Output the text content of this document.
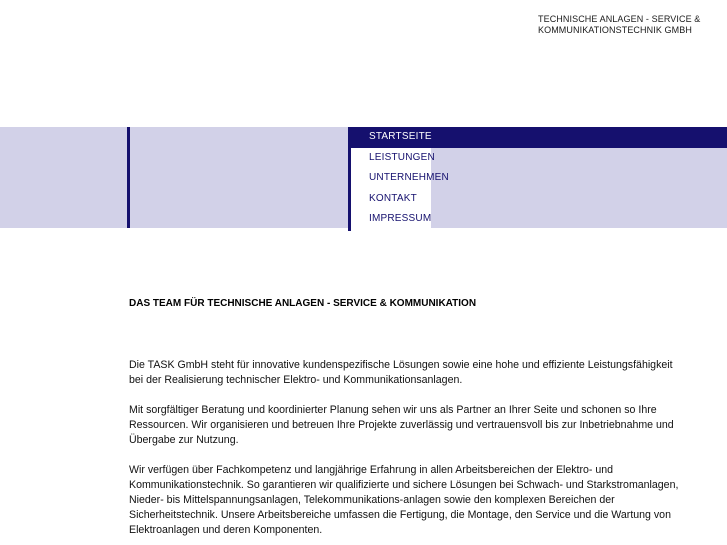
TECHNISCHE ANLAGEN - SERVICE &
KOMMUNIKATIONSTECHNIK GMBH
STARTSEITE
LEISTUNGEN
UNTERNEHMEN
KONTAKT
IMPRESSUM
DAS TEAM FÜR TECHNISCHE ANLAGEN - SERVICE & KOMMUNIKATION

Die TASK GmbH steht für innovative kundenspezifische Lösungen sowie eine hohe und effiziente Leistungsfähigkeit bei der Realisierung technischer Elektro- und Kommunikationsanlagen.

Mit sorgfältiger Beratung und koordinierter Planung sehen wir uns als Partner an Ihrer Seite und schonen so Ihre Ressourcen. Wir organisieren und betreuen Ihre Projekte zuverlässig und vertrauensvoll bis zur Inbetriebnahme und Übergabe zur Nutzung.

Wir verfügen über Fachkompetenz und langjährige Erfahrung in allen Arbeitsbereichen der Elektro- und Kommunikationstechnik. So garantieren wir qualifizierte und sichere Lösungen bei Schwach- und Starkstromanlagen, Nieder- bis Mittelspannungsanlagen, Telekommunikations-anlagen sowie den komplexen Bereichen der Sicherheitstechnik. Unsere Arbeitsbereiche umfassen die Fertigung, die Montage, den Service und die Wartung von Elektroanlagen und deren Komponenten.
